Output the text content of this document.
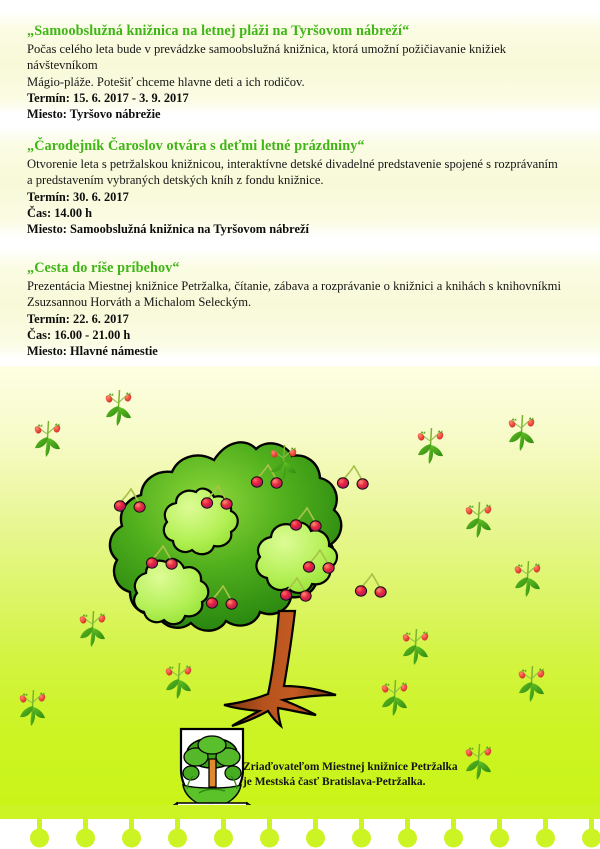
„Samoobslužná knižnica na letnej pláži na Tyršovom nábreží“

Počas celého leta bude v prevádzke samoobslužná knižnica, ktorá umožní požičiavanie knižiek návštevníkom

Mágio-pláže. Potešiť chceme hlavne deti a ich rodičov.

Termín: 15. 6. 2017 - 3. 9. 2017

Miesto: Tyršovo nábrežie

„Čarodejník Čaroslov otvára s deťmi letné prázdniny“

Otvorenie leta s petržalskou knižnicou, interaktívne detské divadelné predstavenie spojené s rozprávaním

a predstavením vybraných detských kníh z fondu knižnice.

Termín: 30. 6. 2017

Čas: 14.00 h

Miesto: Samoobslužná knižnica na Tyršovom nábreží

„Cesta do ríše príbehov“

Prezentácia Miestnej knižnice Petržalka, čítanie, zábava a rozprávanie o knižnici a knihách s knihovníkmi

Zsuzsannou Horváth a Michalom Seleckým.

Termín: 22. 6. 2017

Čas: 16.00 - 21.00 h

Miesto: Hlavné námestie

Zriaďovateľom Miestnej knižnice Petržalka
je Mestská časť Bratislava-Petržalka.
